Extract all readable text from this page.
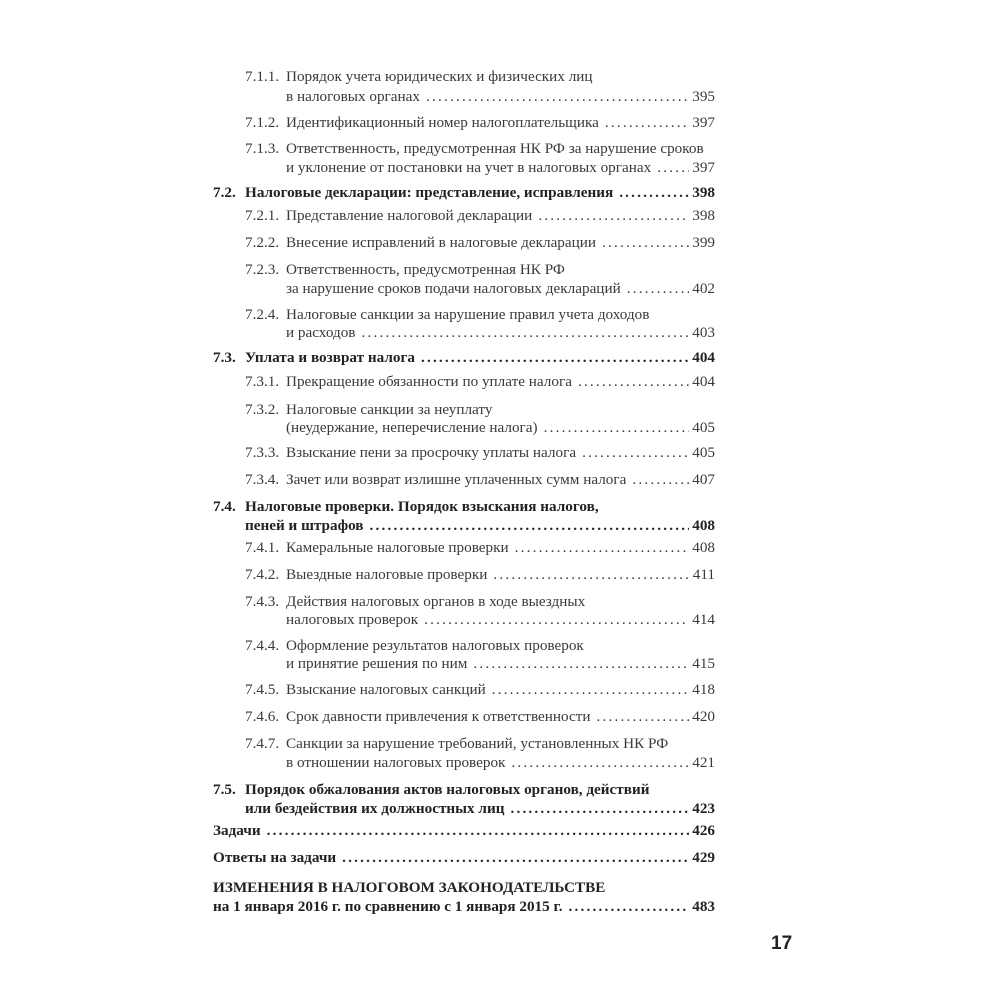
7.1.1. Порядок учета юридических и физических лиц
в налоговых органах . . .	395
7.1.2. Идентификационный номер налогоплательщика . . .	397
7.1.3. Ответственность, предусмотренная НК РФ за нарушение сроков
и уклонение от постановки на учет в налоговых органах . . .	397
7.2. Налоговые декларации: представление, исправления . . .	398
7.2.1. Представление налоговой декларации . . .	398
7.2.2. Внесение исправлений в налоговые декларации . . .	399
7.2.3. Ответственность, предусмотренная НК РФ
за нарушение сроков подачи налоговых деклараций . . .	402
7.2.4. Налоговые санкции за нарушение правил учета доходов
и расходов . . .	403
7.3. Уплата и возврат налога . . .	404
7.3.1. Прекращение обязанности по уплате налога . . .	404
7.3.2. Налоговые санкции за неуплату
(неудержание, неперечисление налога) . . .	405
7.3.3. Взыскание пени за просрочку уплаты налога . . .	405
7.3.4. Зачет или возврат излишне уплаченных сумм налога . . .	407
7.4. Налоговые проверки. Порядок взыскания налогов,
пеней и штрафов . . .	408
7.4.1. Камеральные налоговые проверки . . .	408
7.4.2. Выездные налоговые проверки . . .	411
7.4.3. Действия налоговых органов в ходе выездных
налоговых проверок . . .	414
7.4.4. Оформление результатов налоговых проверок
и принятие решения по ним . . .	415
7.4.5. Взыскание налоговых санкций . . .	418
7.4.6. Срок давности привлечения к ответственности . . .	420
7.4.7. Санкции за нарушение требований, установленных НК РФ
в отношении налоговых проверок . . .	421
7.5. Порядок обжалования актов налоговых органов, действий
или бездействия их должностных лиц . . .	423
Задачи . . .	426
Ответы на задачи . . .	429
ИЗМЕНЕНИЯ В НАЛОГОВОМ ЗАКОНОДАТЕЛЬСТВЕ
на 1 января 2016 г. по сравнению с 1 января 2015 г. . . .	483
17
